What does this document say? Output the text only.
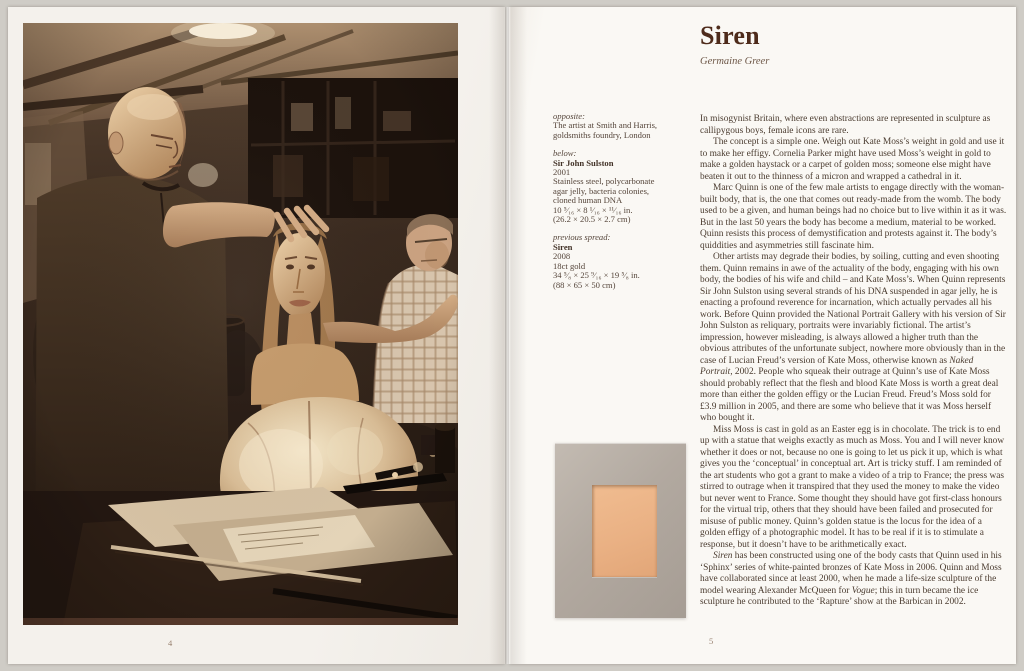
4
Siren
Germaine Greer
opposite:
The artist at Smith and Harris,
goldsmiths foundry, London
below:
Sir John Sulston
2001
Stainless steel, polycarbonate
agar jelly, bacteria colonies,
cloned human DNA
10 ⁵⁄₁₆ × 8 ¹⁄₁₆ × ¹¹⁄₁₆ in.
(26.2 × 20.5 × 2.7 cm)
previous spread:
Siren
2008
18ct gold
34 ⁵⁄₈ × 25 ⁹⁄₁₆ × 19 ⁵⁄₈ in.
(88 × 65 × 50 cm)

In misogynist Britain, where even abstractions are represented in sculpture as callipygous boys, female icons are rare.

The concept is a simple one. Weigh out Kate Moss’s weight in gold and use it to make her effigy. Cornelia Parker might have used Moss’s weight in gold to make a golden haystack or a carpet of golden moss; someone else might have beaten it out to the thinness of a micron and wrapped a cathedral in it.

Marc Quinn is one of the few male artists to engage directly with the woman-built body, that is, the one that comes out ready-made from the womb. The body used to be a given, and human beings had no choice but to live within it as it was. But in the last 50 years the body has become a medium, material to be worked. Quinn resists this process of demystification and protests against it. The body’s quiddities and asymmetries still fascinate him.

Other artists may degrade their bodies, by soiling, cutting and even shooting them. Quinn remains in awe of the actuality of the body, engaging with his own body, the bodies of his wife and child – and Kate Moss’s. When Quinn represents Sir John Sulston using several strands of his DNA suspended in agar jelly, he is enacting a profound reverence for incarnation, which actually pervades all his work. Before Quinn provided the National Portrait Gallery with his version of Sir John Sulston as reliquary, portraits were invariably fictional. The artist’s impression, however misleading, is always allowed a higher truth than the obvious attributes of the unfortunate subject, nowhere more obviously than in the case of Lucian Freud’s version of Kate Moss, otherwise known as Naked Portrait, 2002. People who squeak their outrage at Quinn’s use of Kate Moss should probably reflect that the flesh and blood Kate Moss is worth a great deal more than either the golden effigy or the Lucian Freud. Freud’s Moss sold for £3.9 million in 2005, and there are some who believe that it was Moss herself who bought it.

Miss Moss is cast in gold as an Easter egg is in chocolate. The trick is to end up with a statue that weighs exactly as much as Moss. You and I will never know whether it does or not, because no one is going to let us pick it up, which is what gives you the ‘conceptual’ in conceptual art. Art is tricky stuff. I am reminded of the art students who got a grant to make a video of a trip to France; the press was stirred to outrage when it transpired that they used the money to make the video but never went to France. Some thought they should have got first-class honours for the virtual trip, others that they should have been failed and prosecuted for misuse of public money. Quinn’s golden statue is the locus for the idea of a golden effigy of a photographic model. It has to be real if it is to stimulate a response, but it doesn’t have to be arithmetically exact.

Siren has been constructed using one of the body casts that Quinn used in his ‘Sphinx’ series of white-painted bronzes of Kate Moss in 2006. Quinn and Moss have collaborated since at least 2000, when he made a life-size sculpture of the model wearing Alexander McQueen for Vogue; this in turn became the ice sculpture he contributed to the ‘Rapture’ show at the Barbican in 2002.

5
